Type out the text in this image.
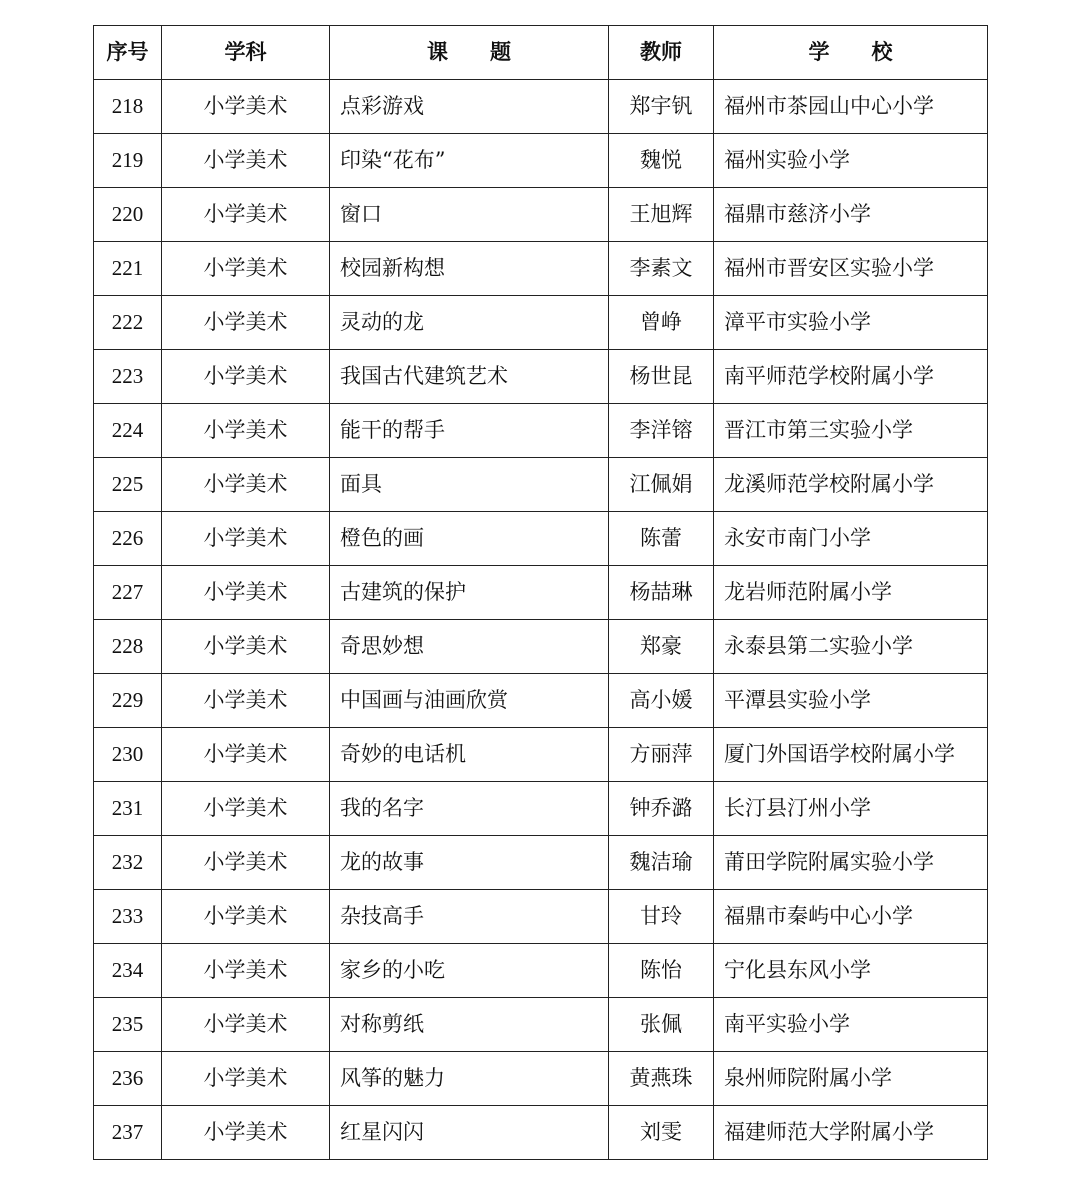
序号	学科	课　　题	教师	学　　校
218	小学美术	点彩游戏	郑宇钒	福州市茶园山中心小学
219	小学美术	印染“花布”	魏悦	福州实验小学
220	小学美术	窗口	王旭辉	福鼎市慈济小学
221	小学美术	校园新构想	李素文	福州市晋安区实验小学
222	小学美术	灵动的龙	曾峥	漳平市实验小学
223	小学美术	我国古代建筑艺术	杨世昆	南平师范学校附属小学
224	小学美术	能干的帮手	李洋镕	晋江市第三实验小学
225	小学美术	面具	江佩娟	龙溪师范学校附属小学
226	小学美术	橙色的画	陈蕾	永安市南门小学
227	小学美术	古建筑的保护	杨喆琳	龙岩师范附属小学
228	小学美术	奇思妙想	郑豪	永泰县第二实验小学
229	小学美术	中国画与油画欣赏	高小媛	平潭县实验小学
230	小学美术	奇妙的电话机	方丽萍	厦门外国语学校附属小学
231	小学美术	我的名字	钟乔潞	长汀县汀州小学
232	小学美术	龙的故事	魏洁瑜	莆田学院附属实验小学
233	小学美术	杂技高手	甘玲	福鼎市秦屿中心小学
234	小学美术	家乡的小吃	陈怡	宁化县东风小学
235	小学美术	对称剪纸	张佩	南平实验小学
236	小学美术	风筝的魅力	黄燕珠	泉州师院附属小学
237	小学美术	红星闪闪	刘雯	福建师范大学附属小学
